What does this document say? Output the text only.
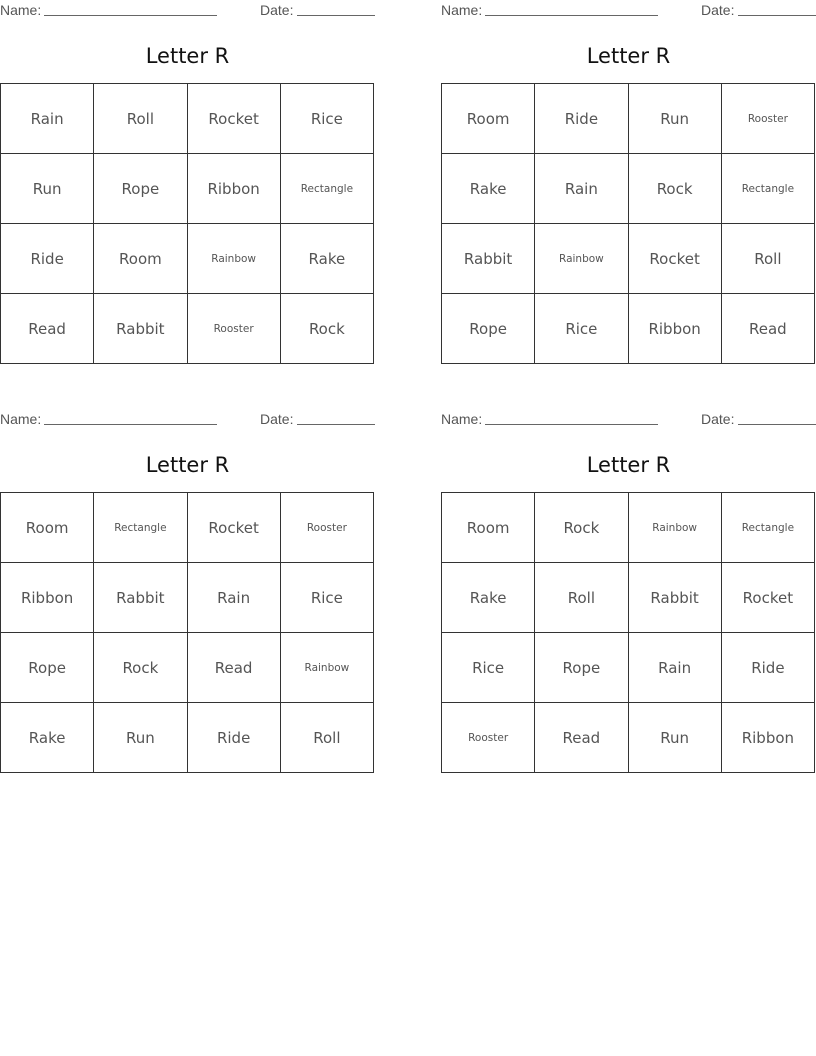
Name:	Date:
Letter R
Rain	Roll	Rocket	Rice
Run	Rope	Ribbon	Rectangle
Ride	Room	Rainbow	Rake
Read	Rabbit	Rooster	Rock
Name:	Date:
Letter R
Room	Ride	Run	Rooster
Rake	Rain	Rock	Rectangle
Rabbit	Rainbow	Rocket	Roll
Rope	Rice	Ribbon	Read
Name:	Date:
Letter R
Room	Rectangle	Rocket	Rooster
Ribbon	Rabbit	Rain	Rice
Rope	Rock	Read	Rainbow
Rake	Run	Ride	Roll
Name:	Date:
Letter R
Room	Rock	Rainbow	Rectangle
Rake	Roll	Rabbit	Rocket
Rice	Rope	Rain	Ride
Rooster	Read	Run	Ribbon
